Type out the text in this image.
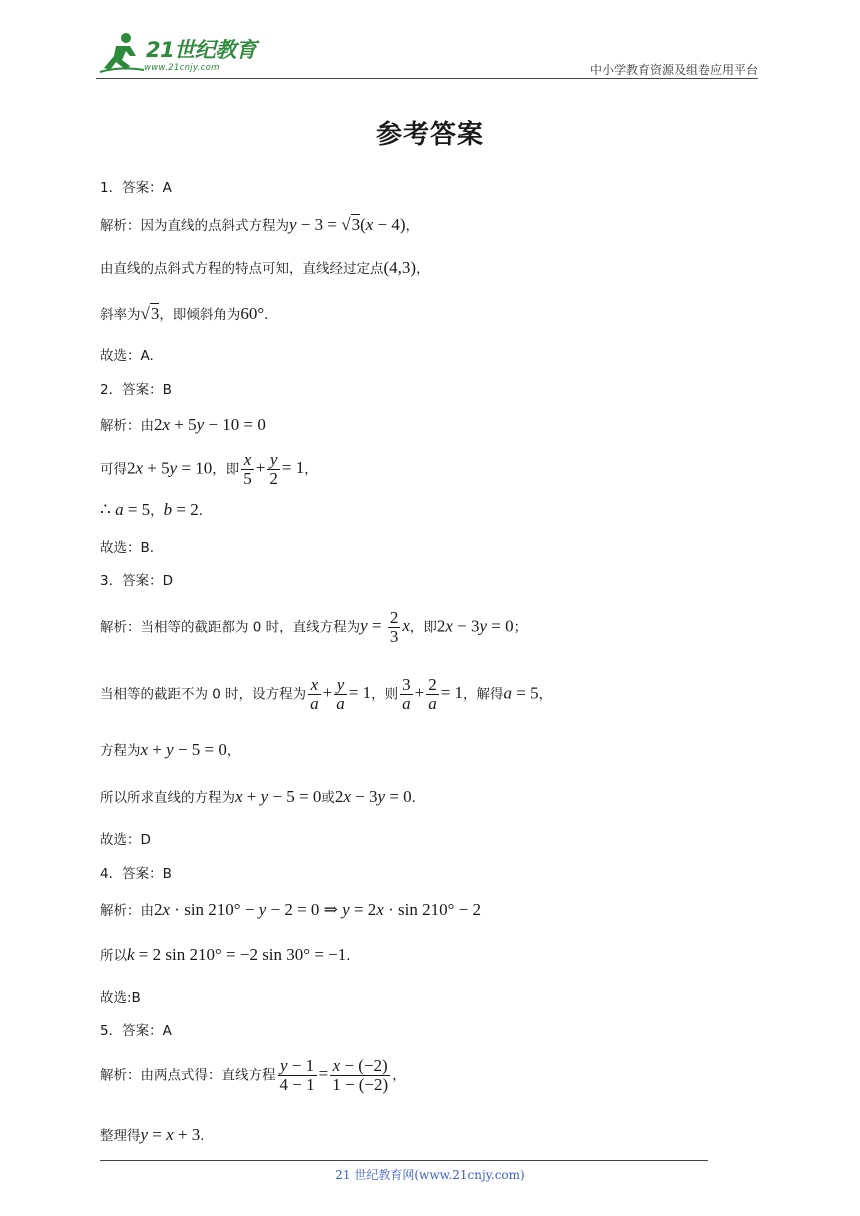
21世纪教育
www.21cnjy.com	中小学教育资源及组卷应用平台
参考答案
1．答案：A
解析：因为直线的点斜式方程为y − 3 = √3(x − 4)，
由直线的点斜式方程的特点可知，直线经过定点(4,3)，
斜率为√3，即倾斜角为60°．
故选：A.
2．答案：B
解析：由2x + 5y − 10 = 0
可得2x + 5y = 10，即 $\frac{x}{5} + \frac{y}{2} = 1$，
∴ a = 5，b = 2．
故选：B.
3．答案：D
解析：当相等的截距都为 0 时，直线方程为$y = \frac{2}{3}$ x，即2x − 3y = 0；
当相等的截距不为 0 时，设方程为 $\frac{x}{a} + \frac{y}{a} = 1$，则 $\frac{3}{a} + \frac{2}{a} = 1$，解得a = 5，
方程为x + y − 5 = 0，
所以所求直线的方程为x + y − 5 = 0或2x − 3y = 0．
故选：D
4．答案：B
解析：由2x · sin 210° − y − 2 = 0 ⇒ y = 2x · sin 210° − 2
所以k = 2 sin 210° = −2 sin 30° = −1．
故选:B
5．答案：A
解析：由两点式得：直线方程 $\frac{y - 1}{4 - 1} = \frac{x - (-2)}{1 - (-2)}$ ，
整理得y = x + 3．
21 世纪教育网(www.21cnjy.com)
